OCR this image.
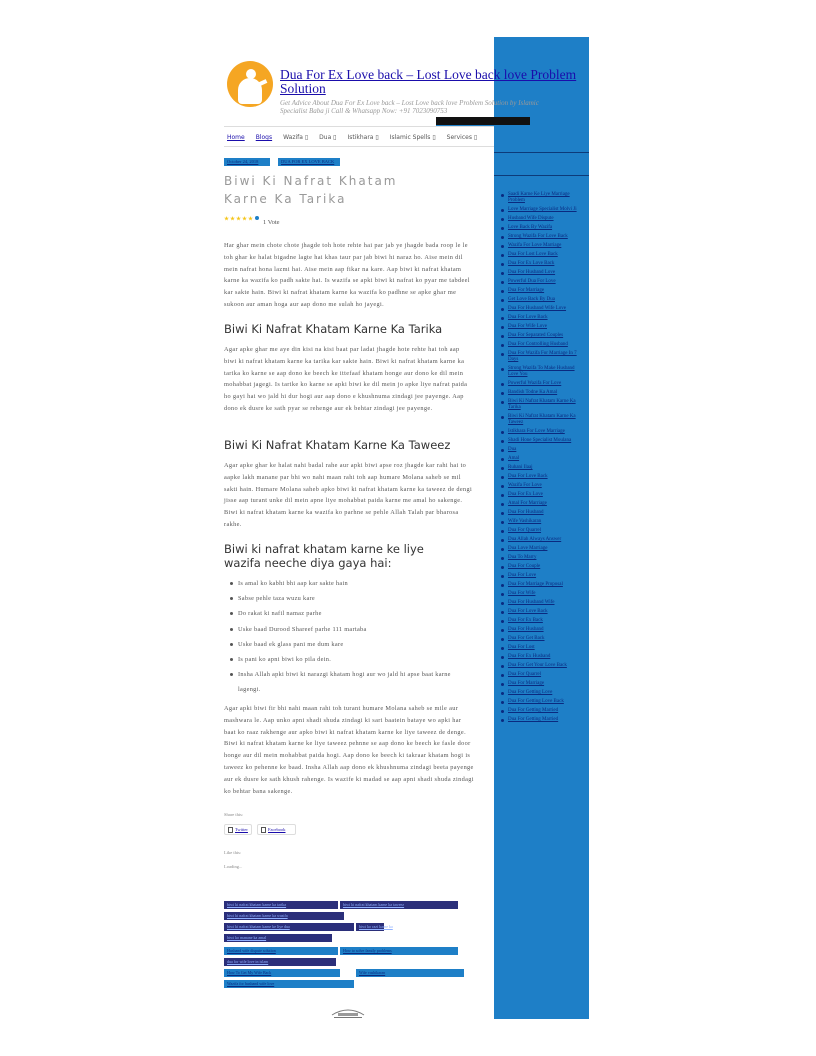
Saadi Karne Ke Liye Marriage Problem
Love Marriage Specialist Molvi Ji
Husband Wife Dispute
Love Back By Wazifa
Strong Wazifa For Love Back
Wazifa For Love Marriage
Dua For Lost Love Back
Dua For Ex Love Back
Dua For Husband Love
Powerful Dua For Love
Dua For Marriage
Get Love Back By Dua
Dua For Husband Wife Love
Dua For Love Back
Dua For Wife Love
Dua For Separated Couples
Dua For Controlling Husband
Dua For Wazifa For Marriage In 7 Days
Strong Wazifa To Make Husband Love You
Powerful Wazifa For Love
Bandish Todne Ka Amal
Biwi Ki Nafrat Khatam Karne Ka Tarika
Biwi Ki Nafrat Khatam Karne Ka Taweez
Istikhara For Love Marriage
Shadi Hone Specialist Moulana
Dua
Amal
Ruhani Ilaaj
Dua For Love Back
Wazifa For Love
Dua For Ex Love
Amal For Marriage
Dua For Husband
Wife Vashikaran
Dua For Quarrel
Dua Allah Always Answer
Dua Love Marriage
Dua To Marry
Dua For Couple
Dua For Love
Dua For Marriage Proposal
Dua For Wife
Dua For Husband Wife
Dua For Love Back
Dua For Ex Back
Dua For Husband
Dua For Get Back
Dua For Lost
Dua For Ex Husband
Dua For Get Your Love Back
Dua For Quarrel
Dua For Marriage
Dua For Getting Love
Dua For Getting Love Back
Dua For Getting Married
Dua For Getting Married
Dua For Ex Love back – Lost Love back love Problem Solution

Get Advice About Dua For Ex Love back – Lost Love back love Problem Solution by Islamic Specialist Baba ji Call & Whatsapp Now: +91 7023090753

Home Blogs Wazifa ▯ Dua ▯ Istikhara ▯ Islamic Spells ▯ Services ▯
October 24, 2018	DUA FOR EX LOVE BACK
Biwi Ki Nafrat Khatam Karne Ka Tarika
1 Vote

Har ghar mein chote chote jhagde toh hote rehte hai par jab ye jhagde bada roop le le toh ghar ke halat bigadne lagte hai khas taur par jab biwi hi naraz ho. Aise mein dil mein nafrat hona lazmi hai. Aise mein aap fikar na kare. Aap biwi ki nafrat khatam karne ka wazifa ko padh sakte hai. Is wazifa se apki biwi ki nafrat ko pyar me tabdeel kar sakte hain. Biwi ki nafrat khatam karne ka wazifa ko padhne se apke ghar me sukoon aur aman hoga aur aap dono me sulah ho jayegi.

Biwi Ki Nafrat Khatam Karne Ka Tarika

Agar apke ghar me aye din kisi na kisi baat par ladai jhagde hote rehte hai toh aap biwi ki nafrat khatam karne ka tarika kar sakte hain. Biwi ki nafrat khatam karne ka tarika ko karne se aap dono ke beech ke ittefaaf khatam honge aur dono ke dil mein mohabbat jagegi. Is tarike ko karne se apki biwi ke dil mein jo apke liye nafrat paida ho gayi hai wo jald hi dur hogi aur aap dono e khushnuma zindagi jee payenge. Aap dono ek dusre ke sath pyar se rehenge aur ek behtar zindagi jee payenge.

Biwi Ki Nafrat Khatam Karne Ka Taweez

Agar apke ghar ke halat nahi badal rahe aur apki biwi apse roz jhagde kar rahi hai to aapke lakh manane par bhi wo nahi maan rahi toh aap humare Molana saheb se mil sakti hain. Humare Molana saheb apko biwi ki nafrat khatam karne ka taweez de dengi jisse aap turant unke dil mein apne liye mohabbat paida karne me amal ho sakenge. Biwi ki nafrat khatam karne ka wazifa ko parhne se pehle Allah Talah par bharosa rakhe.

Biwi ki nafrat khatam karne ke liye wazifa neeche diya gaya hai:
Is amal ko kabhi bhi aap kar sakte hain
Sabse pehle taza wuzu kare
Do rakat ki nafil namaz parhe
Uske baad Durood Shareef parhe 111 martaba
Uske baad ek glass pani me dum kare
Is pani ko apni biwi ko pila dein.
Insha Allah apki biwi ki narazgi khatam hogi aur wo jald hi apse baat karne lagengi.

Agar apki biwi fir bhi nahi maan rahi toh turant humare Molana saheb se mile aur mashwara le. Aap unko apni shadi shuda zindagi ki sari baatein bataye wo apki har baat ko raaz rakhenge aur apko biwi ki nafrat khatam karne ke liye taweez de denge. Biwi ki nafrat khatam karne ke liye taweez pehnne se aap dono ke beech ke fasle door honge aur dil mein mohabbat paida hogi. Aap dono ke beech ki takraar khatam hogi is taweez ko pehenne ke baad. Insha Allah aap dono ek khushnuma zindagi beeta payenge aur ek dusre ke sath khush rahenge. Is wazife ki madad se aap apni shadi shuda zindagi ko behtar bana sakenge.

Share this:
Twitter	Facebook
Like this:
Loading...
biwi ki nafrat khatam karne ka tarika	biwi ki nafrat khatam karne ka taweez
biwi ki nafrat khatam karne ka wazifa
biwi ki nafrat khatam karne ke liye dua	biwi ko razi karne ka
biwi ko manane ka amal
dua for wife love in islam
How To Get My Wife Back
How to solve family problems
Husband wife dispute solution
Wazifa for husband wife love
Wife vashikaran
